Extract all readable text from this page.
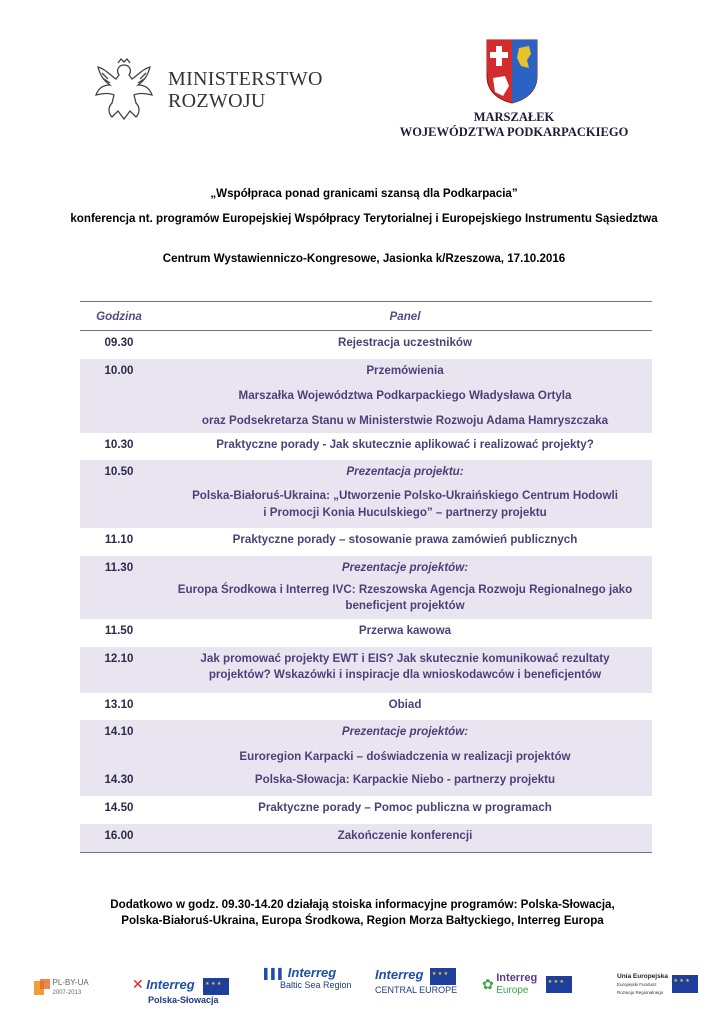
MINISTERSTWO
ROZWOJU
MARSZAŁEK
WOJEWÓDZTWA PODKARPACKIEGO
„Współpraca ponad granicami szansą dla Podkarpacia”
konferencja nt. programów Europejskiej Współpracy Terytorialnej i Europejskiego Instrumentu Sąsiedztwa
Centrum Wystawienniczo-Kongresowe, Jasionka k/Rzeszowa, 17.10.2016
Godzina	Panel
09.30	Rejestracja uczestników
10.00	Przemówienia
Marszałka Województwa Podkarpackiego Władysława Ortyla
oraz Podsekretarza Stanu w Ministerstwie Rozwoju Adama Hamryszczaka
10.30	Praktyczne porady - Jak skutecznie aplikować i realizować projekty?
10.50	Prezentacja projektu:
Polska-Białoruś-Ukraina: „Utworzenie Polsko-Ukraińskiego Centrum Hodowli
i Promocji Konia Huculskiego” – partnerzy projektu
11.10	Praktyczne porady – stosowanie prawa zamówień publicznych
11.30	Prezentacje projektów:
Europa Środkowa i Interreg IVC: Rzeszowska Agencja Rozwoju Regionalnego jako
beneficjent projektów
11.50	Przerwa kawowa
12.10	Jak promować projekty EWT i EIS? Jak skutecznie komunikować rezultaty
projektów? Wskazówki i inspiracje dla wnioskodawców i beneficjentów
13.10	Obiad
14.10	Prezentacje projektów:
Euroregion Karpacki – doświadczenia w realizacji projektów
14.30	Polska-Słowacja: Karpackie Niebo - partnerzy projektu
14.50	Praktyczne porady – Pomoc publiczna w programach
16.00	Zakończenie konferencji
Dodatkowo w godz. 09.30-14.20 działają stoiska informacyjne programów: Polska-Słowacja,
Polska-Białoruś-Ukraina, Europa Środkowa, Region Morza Bałtyckiego, Interreg Europa
PL-BY-UA
2007-2013
✕ Interreg ★ ★ ★
Polska-Słowacja
▌▌▌ Interreg
Baltic Sea Region
Interreg ★ ★ ★
CENTRAL EUROPE ✿ Interreg
Europe ★ ★ ★
Unia Europejska
Europejski Fundusz Rozwoju Regionalnego ★ ★ ★
